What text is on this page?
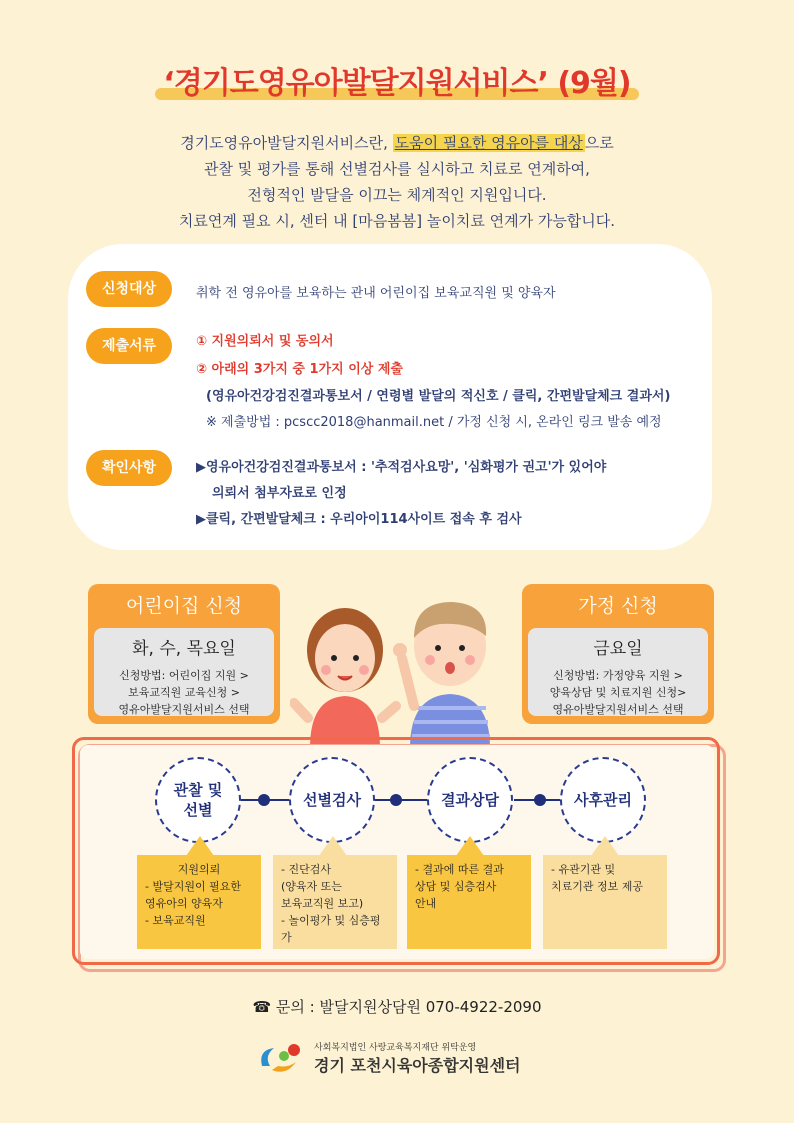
‘경기도영유아발달지원서비스’ (9월)
경기도영유아발달지원서비스란, 도움이 필요한 영유아를 대상 으로
관찰 및 평가를 통해 선별검사를 실시하고 치료로 연계하여,
전형적인 발달을 이끄는 체계적인 지원입니다.
치료연계 필요 시, 센터 내 [마음봄봄] 놀이치료 연계가 가능합니다.
신청대상	취학 전 영유아를 보육하는 관내 어린이집 보육교직원 및 양육자
제출서류	① 지원의뢰서 및 동의서
② 아래의 3가지 중 1가지 이상 제출
(영유아건강검진결과통보서 / 연령별 발달의 적신호 / 클릭, 간편발달체크 결과서)
※ 제출방법 : pcscc2018@hanmail.net / 가정 신청 시, 온라인 링크 발송 예정
확인사항	▶영유아건강검진결과통보서 : '추적검사요망', '심화평가 권고'가 있어야
의뢰서 첨부자료로 인정
▶클릭, 간편발달체크 : 우리아이114사이트 접속 후 검사
어린이집 신청
화, 수, 목요일
신청방법: 어린이집 지원 >
보육교직원 교육신청 >
영유아발달지원서비스 선택
가정 신청
금요일
신청방법: 가정양육 지원 >
양육상담 및 치료지원 신청>
영유아발달지원서비스 선택
관찰 및
선별
선별검사	결과상담	사후관리
지원의뢰
- 발달지원이 필요한
영유아의 양육자
- 보육교직원
- 진단검사
(양육자 또는
보육교직원 보고)
- 놀이평가 및 심층평가
- 결과에 따른 결과
상담 및 심층검사
안내
- 유관기관 및
치료기관 정보 제공
☎ 문의 : 발달지원상담원 070-4922-2090
사회복지법인 사랑교육복지재단 위탁운영
경기 포천시육아종합지원센터
